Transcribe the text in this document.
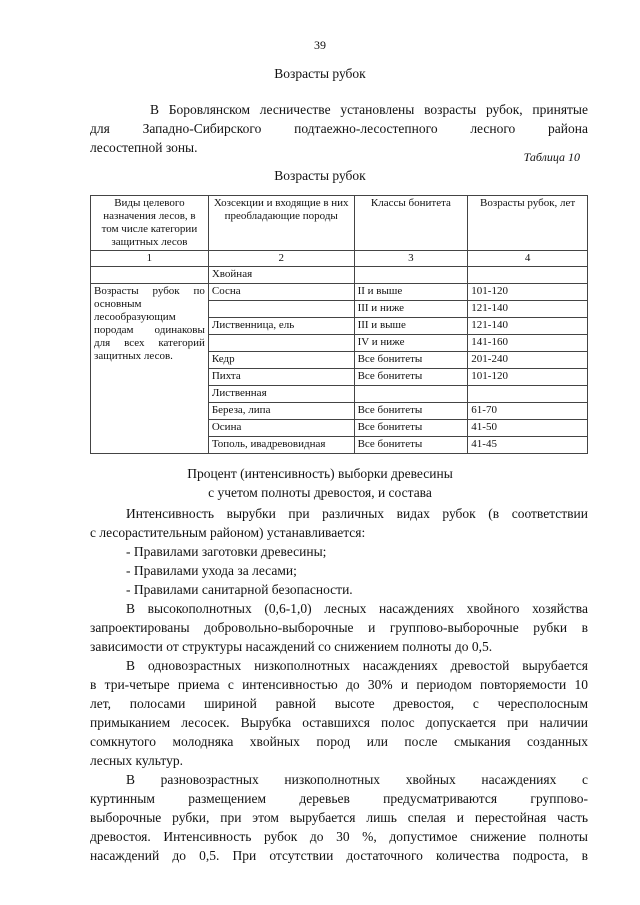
39
Возрасты рубок
В Боровлянском лесничестве установлены возрасты рубок, принятые
для Западно-Сибирского подтаежно-лесостепного лесного района
лесостепной зоны.
Таблица 10
Возрасты рубок
Виды целевого назначения лесов, в том числе категории защитных лесов	Хозсекции и входящие в них преобладающие породы	Классы бонитета	Возрасты рубок, лет
1	2	3	4
	Хвойная		
Возрасты рубок по основным лесообразующим породам одинаковы для всех категорий защитных лесов.	Сосна	II и выше	101-120
		III и ниже	121-140
	Лиственница, ель	III и выше	121-140
		IV и ниже	141-160
	Кедр	Все бонитеты	201-240
	Пихта	Все бонитеты	101-120
	Лиственная		
	Береза, липа	Все бонитеты	61-70
	Осина	Все бонитеты	41-50
	Тополь, ивадревовидная	Все бонитеты	41-45
Процент (интенсивность) выборки древесины
с учетом полноты древостоя, и состава
Интенсивность вырубки при различных видах рубок (в соответствии
с лесорастительным районом) устанавливается:
- Правилами заготовки древесины;
- Правилами ухода за лесами;
- Правилами санитарной безопасности.
В высокополнотных (0,6-1,0) лесных насаждениях хвойного хозяйства
запроектированы добровольно-выборочные и группово-выборочные рубки в
зависимости от структуры насаждений со снижением полноты до 0,5.
В одновозрастных низкополнотных насаждениях древостой вырубается
в три-четыре приема с интенсивностью до 30% и периодом повторяемости 10
лет, полосами шириной равной высоте древостоя, с чересполосным
примыканием лесосек. Вырубка оставшихся полос допускается при наличии
сомкнутого молодняка хвойных пород или после смыкания созданных
лесных культур.
В разновозрастных низкополнотных хвойных насаждениях с
куртинным размещением деревьев предусматриваются группово-
выборочные рубки, при этом вырубается лишь спелая и перестойная часть
древостоя. Интенсивность рубок до 30 %, допустимое снижение полноты
насаждений до 0,5. При отсутствии достаточного количества подроста, в
